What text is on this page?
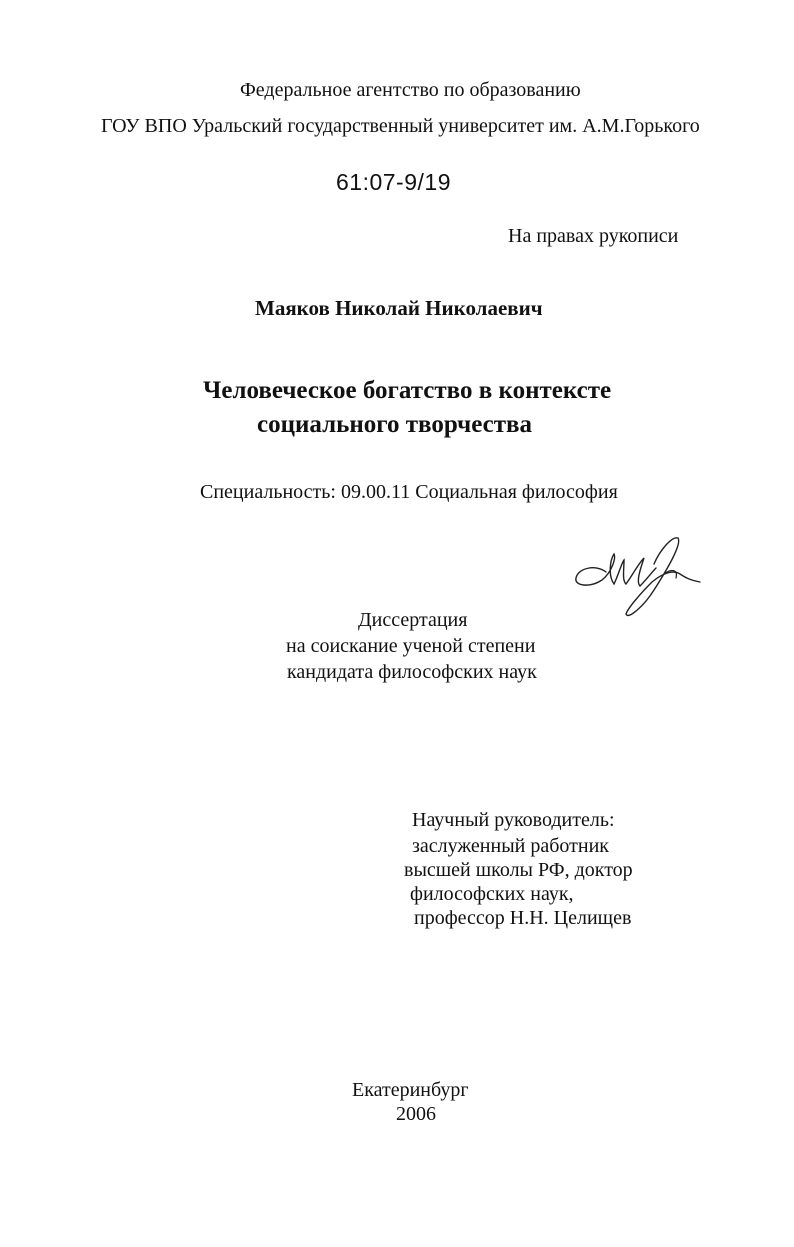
Федеральное агентство по образованию
ГОУ ВПО Уральский государственный университет им. А.М.Горького
61:07-9/19
На правах рукописи
Маяков Николай Николаевич
Человеческое богатство в контексте
социального творчества
Специальность: 09.00.11 Социальная философия
Диссертация
на соискание ученой степени
кандидата философских наук
Научный руководитель:
заслуженный работник
высшей школы РФ, доктор
философских наук,
профессор Н.Н. Целищев
Екатеринбург
2006
